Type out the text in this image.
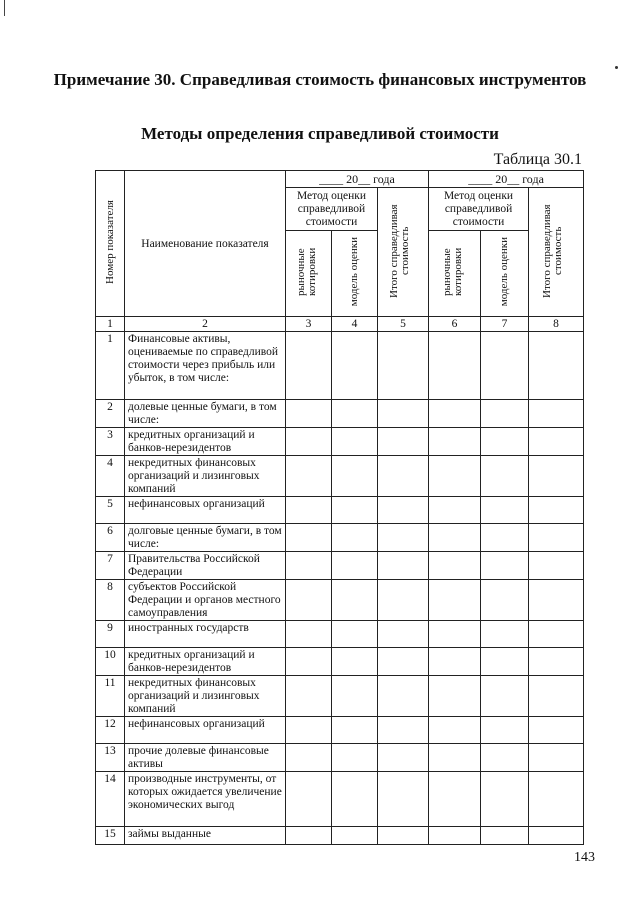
Примечание 30. Справедливая стоимость финансовых инструментов
Методы определения справедливой стоимости
Таблица 30.1
Номер показателя	Наименование показателя	____ 20__ года			____ 20__ года		
		Метод оценки справедливой стоимости		Итого справедливая стоимость	Метод оценки справедливой стоимости		Итого справедливая стоимость
		рыночные котировки	модель оценки		рыночные котировки	модель оценки	
1	2	3	4	5	6	7	8
1	Финансовые активы, оцениваемые по справедливой стоимости через прибыль или убыток, в том числе:						
2	долевые ценные бумаги, в том числе:						
3	кредитных организаций и банков-нерезидентов						
4	некредитных финансовых организаций и лизинговых компаний						
5	нефинансовых организаций						
6	долговые ценные бумаги, в том числе:						
7	Правительства Российской Федерации						
8	субъектов Российской Федерации и органов местного самоуправления						
9	иностранных государств						
10	кредитных организаций и банков-нерезидентов						
11	некредитных финансовых организаций и лизинговых компаний						
12	нефинансовых организаций						
13	прочие долевые финансовые активы						
14	производные инструменты, от которых ожидается увеличение экономических выгод						
15	займы выданные						
143
